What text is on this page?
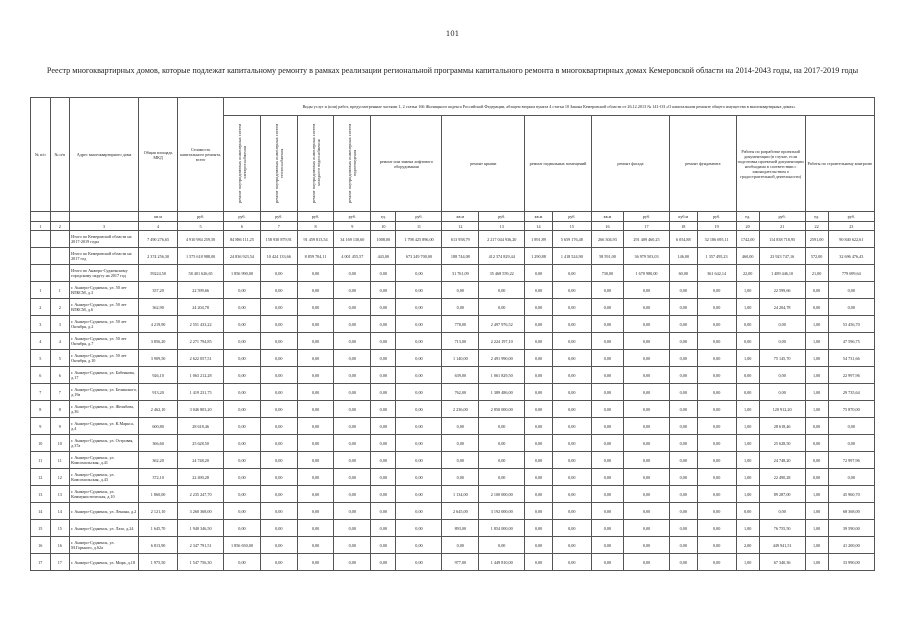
101
Реестр многоквартирных домов, которые подлежат капитальному ремонту в рамках реализации региональной программы капитального ремонта в многоквартирных домах Кемеровской области на 2014-2043 годы, на 2017-2019 годы
№ п/п	№ п/п	Адрес многоквартирного дома	Общая площадь МКД	Стоимость капитального ремонта, всего	Виды услуг и (или) работ, предусмотренные частями 1, 2 статьи 166 Жилищного кодекса Российской Федерации, абзацем вторым пункта 4 статьи 10 Закона Кемеровской области от 26.12.2013 № 141-ОЗ «О капитальном ремонте общего имущества в многоквартирных домах»																	
					ремонт внутридомовых инженерных систем электроснабжения	ремонт внутридомовых инженерных систем теплоснабжения	ремонт внутридомовых инженерных систем холодного водоснабжения	ремонт внутридомовых инженерных систем водоотведения	ремонт или замена лифтового оборудования		ремонт крыши		ремонт подвальных помещений		ремонт фасада		ремонт фундамента		Работы по разработке проектной документации (в случае, если подготовка проектной документации необходима в соответствии с законодательством о градостроительной деятельности)		Работы по строительному контролю	
			кв.м	руб.	руб.	руб.	руб.	руб.	ед.	руб.	кв.м	руб.	кв.м	руб.	кв.м	руб.	куб.м	руб.	ед.	руб.	ед.	руб.
1	2	3	4	5	6	7	8	9	10	11	12	13	14	15	16	17	18	19	20	21	22	23
		Итого по Кемеровской области на 2017-2019 годы	7 490 276,65	4 910 984 259,50	84 886 111,25	158 930 879,91	91 459 813,54	34 169 130,60	1008,00	1 798 425 896,00	613 958,79	2 217 044 936,20	1 891,89	5 659 176,48	266 304,93	291 409 460,25	6 054,88	32 186 695,11	1742,00	114 838 718,95	2591,00	90 840 622,61
		Итого по Кемеровской области на 2017 год	2 374 256,30	1 575 618 988,00	24 836 923,54	10 424 133,66	8 859 704,11	4 001 455,57	443,00	673 249 700,00	188 744,08	412 374 829,44	1 290,88	1 418 524,90	58 591,00	36 979 503,03	146,00	1 357 495,23	460,00	23 923 747,16	572,00	32 696 476,43
		Итого по Анжеро-Судженскому городскому округу на 2017 год	59224,50	58 401 626,65	1 856 990,00	0,00	0,00	0,00	0,00	0,00	31 761,09	35 468 559,22	0,00	0,00	730,00	1 670 980,00	60,00	361 642,14	22,00	1 489 446,10	21,00	779 699,64
1	1	г. Анжеро-Судженск, ул. 50 лет ВЛКСМ, д.3	357,20	22 599,66	0,00	0,00	0,00	0,00	0,00	0,00	0,00	0,00	0,00	0,00	0,00	0,00	0,00	0,00	1,00	22 599,66	0,00	0,00
2	2	г. Анжеро-Судженск, ул. 50 лет ВЛКСМ, д.6	362,90	24 204,78	0,00	0,00	0,00	0,00	0,00	0,00	0,00	0,00	0,00	0,00	0,00	0,00	0,00	0,00	1,00	24 204,78	0,00	0,00
3	3	г. Анжеро-Судженск, ул. 50 лет Октября, д.2	4 219,90	2 551 433,22	0,00	0,00	0,00	0,00	0,00	0,00	778,00	2 497 976,52	0,00	0,00	0,00	0,00	0,00	0,00	0,00	0,00	1,00	53 456,70
4	4	г. Анжеро-Судженск, ул. 50 лет Октября, д.7	3 856,20	2 271 794,85	0,00	0,00	0,00	0,00	0,00	0,00	713,00	2 224 197,10	0,00	0,00	0,00	0,00	0,00	0,00	0,00	0,00	1,00	47 596,75
5	5	г. Анжеро-Судженск, ул. 50 лет Октября, д.10	3 909,50	2 622 057,51	0,00	0,00	0,00	0,00	0,00	0,00	1 140,00	2 491 990,00	0,00	0,00	0,00	0,00	0,00	0,00	1,00	75 145,70	1,00	54 731,66
6	6	г. Анжеро-Судженск, ул. Бабенкова, д.17	926,10	1 063 212,28	0,00	0,00	0,00	0,00	0,00	0,00	639,00	1 061 829,50	0,00	0,00	0,00	0,00	0,00	0,00	0,00	0,00	1,00	22 997,96
7	7	г. Анжеро-Судженск, ул. Белинского, д.19а	913,20	1 419 231,75	0,00	0,00	0,00	0,00	0,00	0,00	762,00	1 389 486,00	0,00	0,00	0,00	0,00	0,00	0,00	0,00	0,00	1,00	29 735,64
8	8	г. Анжеро-Судженск, ул. Желябова, д.36	2 462,10	3 046 803,20	0,00	0,00	0,00	0,00	0,00	0,00	2 236,00	2 850 000,00	0,00	0,00	0,00	0,00	0,00	0,00	1,00	120 912,20	1,00	75 870,00
9	9	г. Анжеро-Судженск, ул. К.Маркса, д.4	600,80	28 618,46	0,00	0,00	0,00	0,00	0,00	0,00	0,00	0,00	0,00	0,00	0,00	0,00	0,00	0,00	1,00	28 618,46	0,00	0,00
10	10	г. Анжеро-Судженск, ул. Островая, д.37а	366,60	25 628,50	0,00	0,00	0,00	0,00	0,00	0,00	0,00	0,00	0,00	0,00	0,00	0,00	0,00	0,00	1,00	25 628,50	0,00	0,00
11	11	г. Анжеро-Судженск, ул. Комсомольская, д.41	362,20	24 748,20	0,00	0,00	0,00	0,00	0,00	0,00	0,00	0,00	0,00	0,00	0,00	0,00	0,00	0,00	1,00	24 748,20	0,00	72 997,96
12	12	г. Анжеро-Судженск, ул. Комсомольская, д.43	372,10	22 490,28	0,00	0,00	0,00	0,00	0,00	0,00	0,00	0,00	0,00	0,00	0,00	0,00	0,00	0,00	1,00	22 490,28	0,00	0,00
13	13	г. Анжеро-Судженск, ул. Коммунистическая, д.10	1 860,00	2 235 247,70	0,00	0,00	0,00	0,00	0,00	0,00	1 134,00	2 100 000,00	0,00	0,00	0,00	0,00	0,00	0,00	1,00	89 287,00	1,00	45 960,70
14	14	г. Анжеро-Судженск, ул. Ленина, д.2	2 121,10	3 260 368,00	0,00	0,00	0,00	0,00	0,00	0,00	2 645,00	3 192 000,00	0,00	0,00	0,00	0,00	0,00	0,00	0,00	0,00	1,00	68 368,00
15	15	г. Анжеро-Судженск, ул. Лазо, д.24	1 645,70	1 940 346,50	0,00	0,00	0,00	0,00	0,00	0,00	893,00	1 854 000,00	0,00	0,00	0,00	0,00	0,00	0,00	1,00	76 755,50	1,00	39 590,00
16	16	г. Анжеро-Судженск, ул. М.Горького, д.62а	6 813,90	2 347 791,51	1 856 650,00	0,00	0,00	0,00	0,00	0,00	0,00	0,00	0,00	0,00	0,00	0,00	0,00	0,00	2,00	449 941,51	1,00	41 200,00
17	17	г. Анжеро-Судженск, ул. Мира, д.18	1 975,50	1 547 756,30	0,00	0,00	0,00	0,00	0,00	0,00	977,00	1 449 810,00	0,00	0,00	0,00	0,00	0,00	0,00	1,00	67 340,36	1,00	33 990,00
